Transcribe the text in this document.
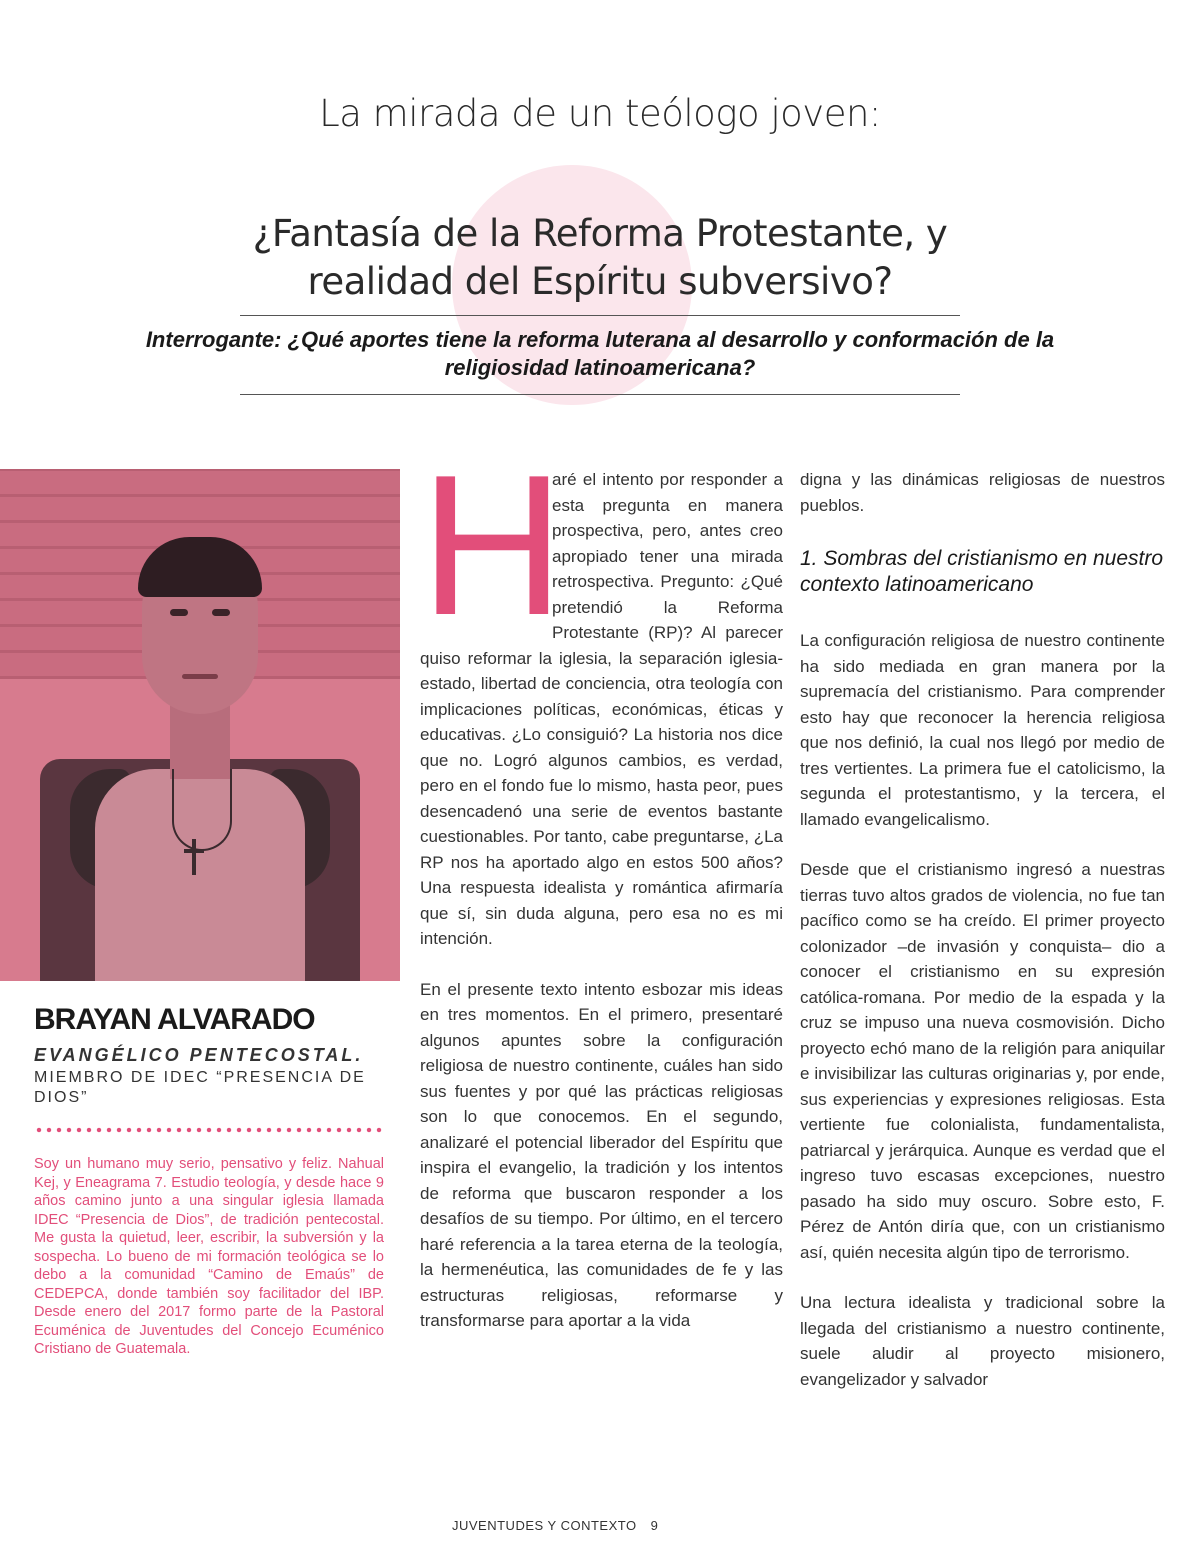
La mirada de un teólogo joven:
¿Fantasía de la Reforma Protestante, y
realidad del Espíritu subversivo?
Interrogante: ¿Qué aportes tiene la reforma luterana al desarrollo y conformación de la
religiosidad latinoamericana?
BRAYAN ALVARADO
EVANGÉLICO PENTECOSTAL.
MIEMBRO DE IDEC “PRESENCIA DE DIOS”
Soy un humano muy serio, pensativo y feliz. Nahual Kej, y Eneagrama 7. Estudio teología, y desde hace 9 años camino junto a una singular iglesia llamada IDEC “Presencia de Dios”, de tradición pentecostal. Me gusta la quietud, leer, escribir, la subversión y la sospecha. Lo bueno de mi formación teológica se lo debo a la comunidad “Camino de Emaús” de CEDEPCA, donde también soy facilitador del IBP. Desde enero del 2017 formo parte de la Pastoral Ecuménica de Juventudes del Concejo Ecuménico Cristiano de Guatemala.
H

aré el intento por responder a esta pregunta en manera prospectiva, pero, antes creo apropiado tener una mirada retrospectiva. Pregunto: ¿Qué pretendió la Reforma Protestante (RP)? Al parecer quiso reformar la iglesia, la separación iglesia-estado, libertad de conciencia, otra teología con implicaciones políticas, económicas, éticas y educativas. ¿Lo consiguió? La historia nos dice que no. Logró algunos cambios, es verdad, pero en el fondo fue lo mismo, hasta peor, pues desencadenó una serie de eventos bastante cuestionables. Por tanto, cabe preguntarse, ¿La RP nos ha aportado algo en estos 500 años? Una respuesta idealista y romántica afirmaría que sí, sin duda alguna, pero esa no es mi intención.

En el presente texto intento esbozar mis ideas en tres momentos. En el primero, presentaré algunos apuntes sobre la configuración religiosa de nuestro continente, cuáles han sido sus fuentes y por qué las prácticas religiosas son lo que conocemos. En el segundo, analizaré el potencial liberador del Espíritu que inspira el evangelio, la tradición y los intentos de reforma que buscaron responder a los desafíos de su tiempo. Por último, en el tercero haré referencia a la tarea eterna de la teología, la hermenéutica, las comunidades de fe y las estructuras religiosas, reformarse y transformarse para aportar a la vida

digna y las dinámicas religiosas de nuestros pueblos.

1. Sombras del cristianismo en nuestro contexto latinoamericano

La configuración religiosa de nuestro continente ha sido mediada en gran manera por la supremacía del cristianismo. Para comprender esto hay que reconocer la herencia religiosa que nos definió, la cual nos llegó por medio de tres vertientes. La primera fue el catolicismo, la segunda el protestantismo, y la tercera, el llamado evangelicalismo.

Desde que el cristianismo ingresó a nuestras tierras tuvo altos grados de violencia, no fue tan pacífico como se ha creído. El primer proyecto colonizador –de invasión y conquista– dio a conocer el cristianismo en su expresión católica-romana. Por medio de la espada y la cruz se impuso una nueva cosmovisión. Dicho proyecto echó mano de la religión para aniquilar e invisibilizar las culturas originarias y, por ende, sus experiencias y expresiones religiosas. Esta vertiente fue colonialista, fundamentalista, patriarcal y jerárquica. Aunque es verdad que el ingreso tuvo escasas excepciones, nuestro pasado ha sido muy oscuro. Sobre esto, F. Pérez de Antón diría que, con un cristianismo así, quién necesita algún tipo de terrorismo.

Una lectura idealista y tradicional sobre la llegada del cristianismo a nuestro continente, suele aludir al proyecto misionero, evangelizador y salvador

JUVENTUDES Y CONTEXTO 9
